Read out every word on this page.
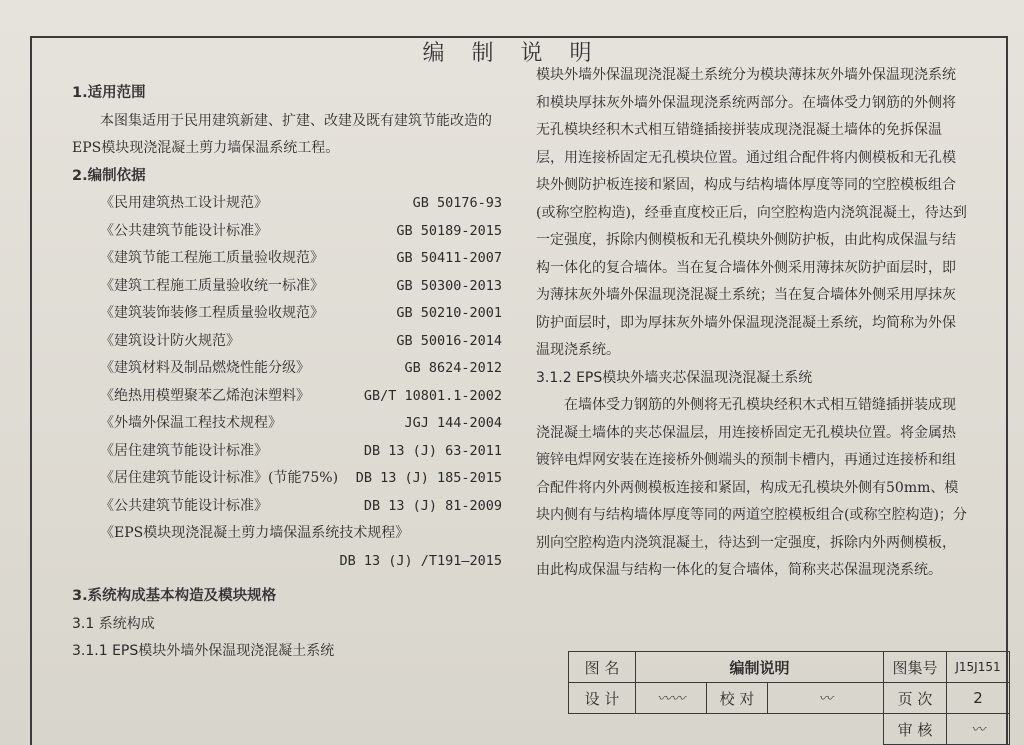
编 制 说 明
1.适用范围
本图集适用于民用建筑新建、扩建、改建及既有建筑节能改造的EPS模块现浇混凝土剪力墙保温系统工程。
2.编制依据
《民用建筑热工设计规范》	GB 50176-93
《公共建筑节能设计标准》	GB 50189-2015
《建筑节能工程施工质量验收规范》	GB 50411-2007
《建筑工程施工质量验收统一标准》	GB 50300-2013
《建筑装饰装修工程质量验收规范》	GB 50210-2001
《建筑设计防火规范》	GB 50016-2014
《建筑材料及制品燃烧性能分级》	GB 8624-2012
《绝热用模塑聚苯乙烯泡沫塑料》	GB/T 10801.1-2002
《外墙外保温工程技术规程》	JGJ 144-2004
《居住建筑节能设计标准》	DB 13 (J) 63-2011
《居住建筑节能设计标准》(节能75%) DB 13 (J) 185-2015
《公共建筑节能设计标准》	DB 13 (J) 81-2009
《EPS模块现浇混凝土剪力墙保温系统技术规程》
DB 13 (J) /T191—2015
3.系统构成基本构造及模块规格
3.1 系统构成
3.1.1 EPS模块外墙外保温现浇混凝土系统
模块外墙外保温现浇混凝土系统分为模块薄抹灰外墙外保温现浇系统和模块厚抹灰外墙外保温现浇系统两部分。在墙体受力钢筋的外侧将无孔模块经积木式相互错缝插接拼装成现浇混凝土墙体的免拆保温层，用连接桥固定无孔模块位置。通过组合配件将内侧模板和无孔模块外侧防护板连接和紧固，构成与结构墙体厚度等同的空腔模板组合(或称空腔构造)，经垂直度校正后，向空腔构造内浇筑混凝土，待达到一定强度，拆除内侧模板和无孔模块外侧防护板，由此构成保温与结构一体化的复合墙体。当在复合墙体外侧采用薄抹灰防护面层时，即为薄抹灰外墙外保温现浇混凝土系统；当在复合墙体外侧采用厚抹灰防护面层时，即为厚抹灰外墙外保温现浇混凝土系统，均简称为外保温现浇系统。
3.1.2 EPS模块外墙夹芯保温现浇混凝土系统
在墙体受力钢筋的外侧将无孔模块经积木式相互错缝插拼装成现浇混凝土墙体的夹芯保温层，用连接桥固定无孔模块位置。将金属热镀锌电焊网安装在连接桥外侧端头的预制卡槽内，再通过连接桥和组合配件将内外两侧模板连接和紧固，构成无孔模块外侧有50mm、模块内侧有与结构墙体厚度等同的两道空腔模板组合(或称空腔构造)；分别向空腔构造内浇筑混凝土，待达到一定强度，拆除内外两侧模板，由此构成保温与结构一体化的复合墙体，简称夹芯保温现浇系统。
图 名	编制说明			图集号	J15J151
设 计	〰〰	校 对	〰	页 次	2
				审 核	〰
